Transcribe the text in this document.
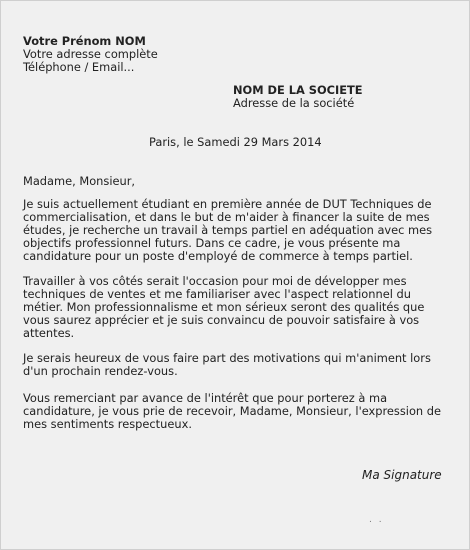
Votre Prénom NOM
Votre adresse complète
Téléphone / Email...
NOM DE LA SOCIETE
Adresse de la société
Paris, le Samedi 29 Mars 2014
Madame, Monsieur,
Je suis actuellement étudiant en première année de DUT Techniques de
commercialisation, et dans le but de m'aider à financer la suite de mes
études, je recherche un travail à temps partiel en adéquation avec mes
objectifs professionnel futurs. Dans ce cadre, je vous présente ma
candidature pour un poste d'employé de commerce à temps partiel.
Travailler à vos côtés serait l'occasion pour moi de développer mes
techniques de ventes et me familiariser avec l'aspect relationnel du
métier. Mon professionnalisme et mon sérieux seront des qualités que
vous saurez apprécier et je suis convaincu de pouvoir satisfaire à vos
attentes.
Je serais heureux de vous faire part des motivations qui m'animent lors
d'un prochain rendez-vous.
Vous remerciant par avance de l'intérêt que pour porterez à ma
candidature, je vous prie de recevoir, Madame, Monsieur, l'expression de
mes sentiments respectueux.
Ma Signature
. .
